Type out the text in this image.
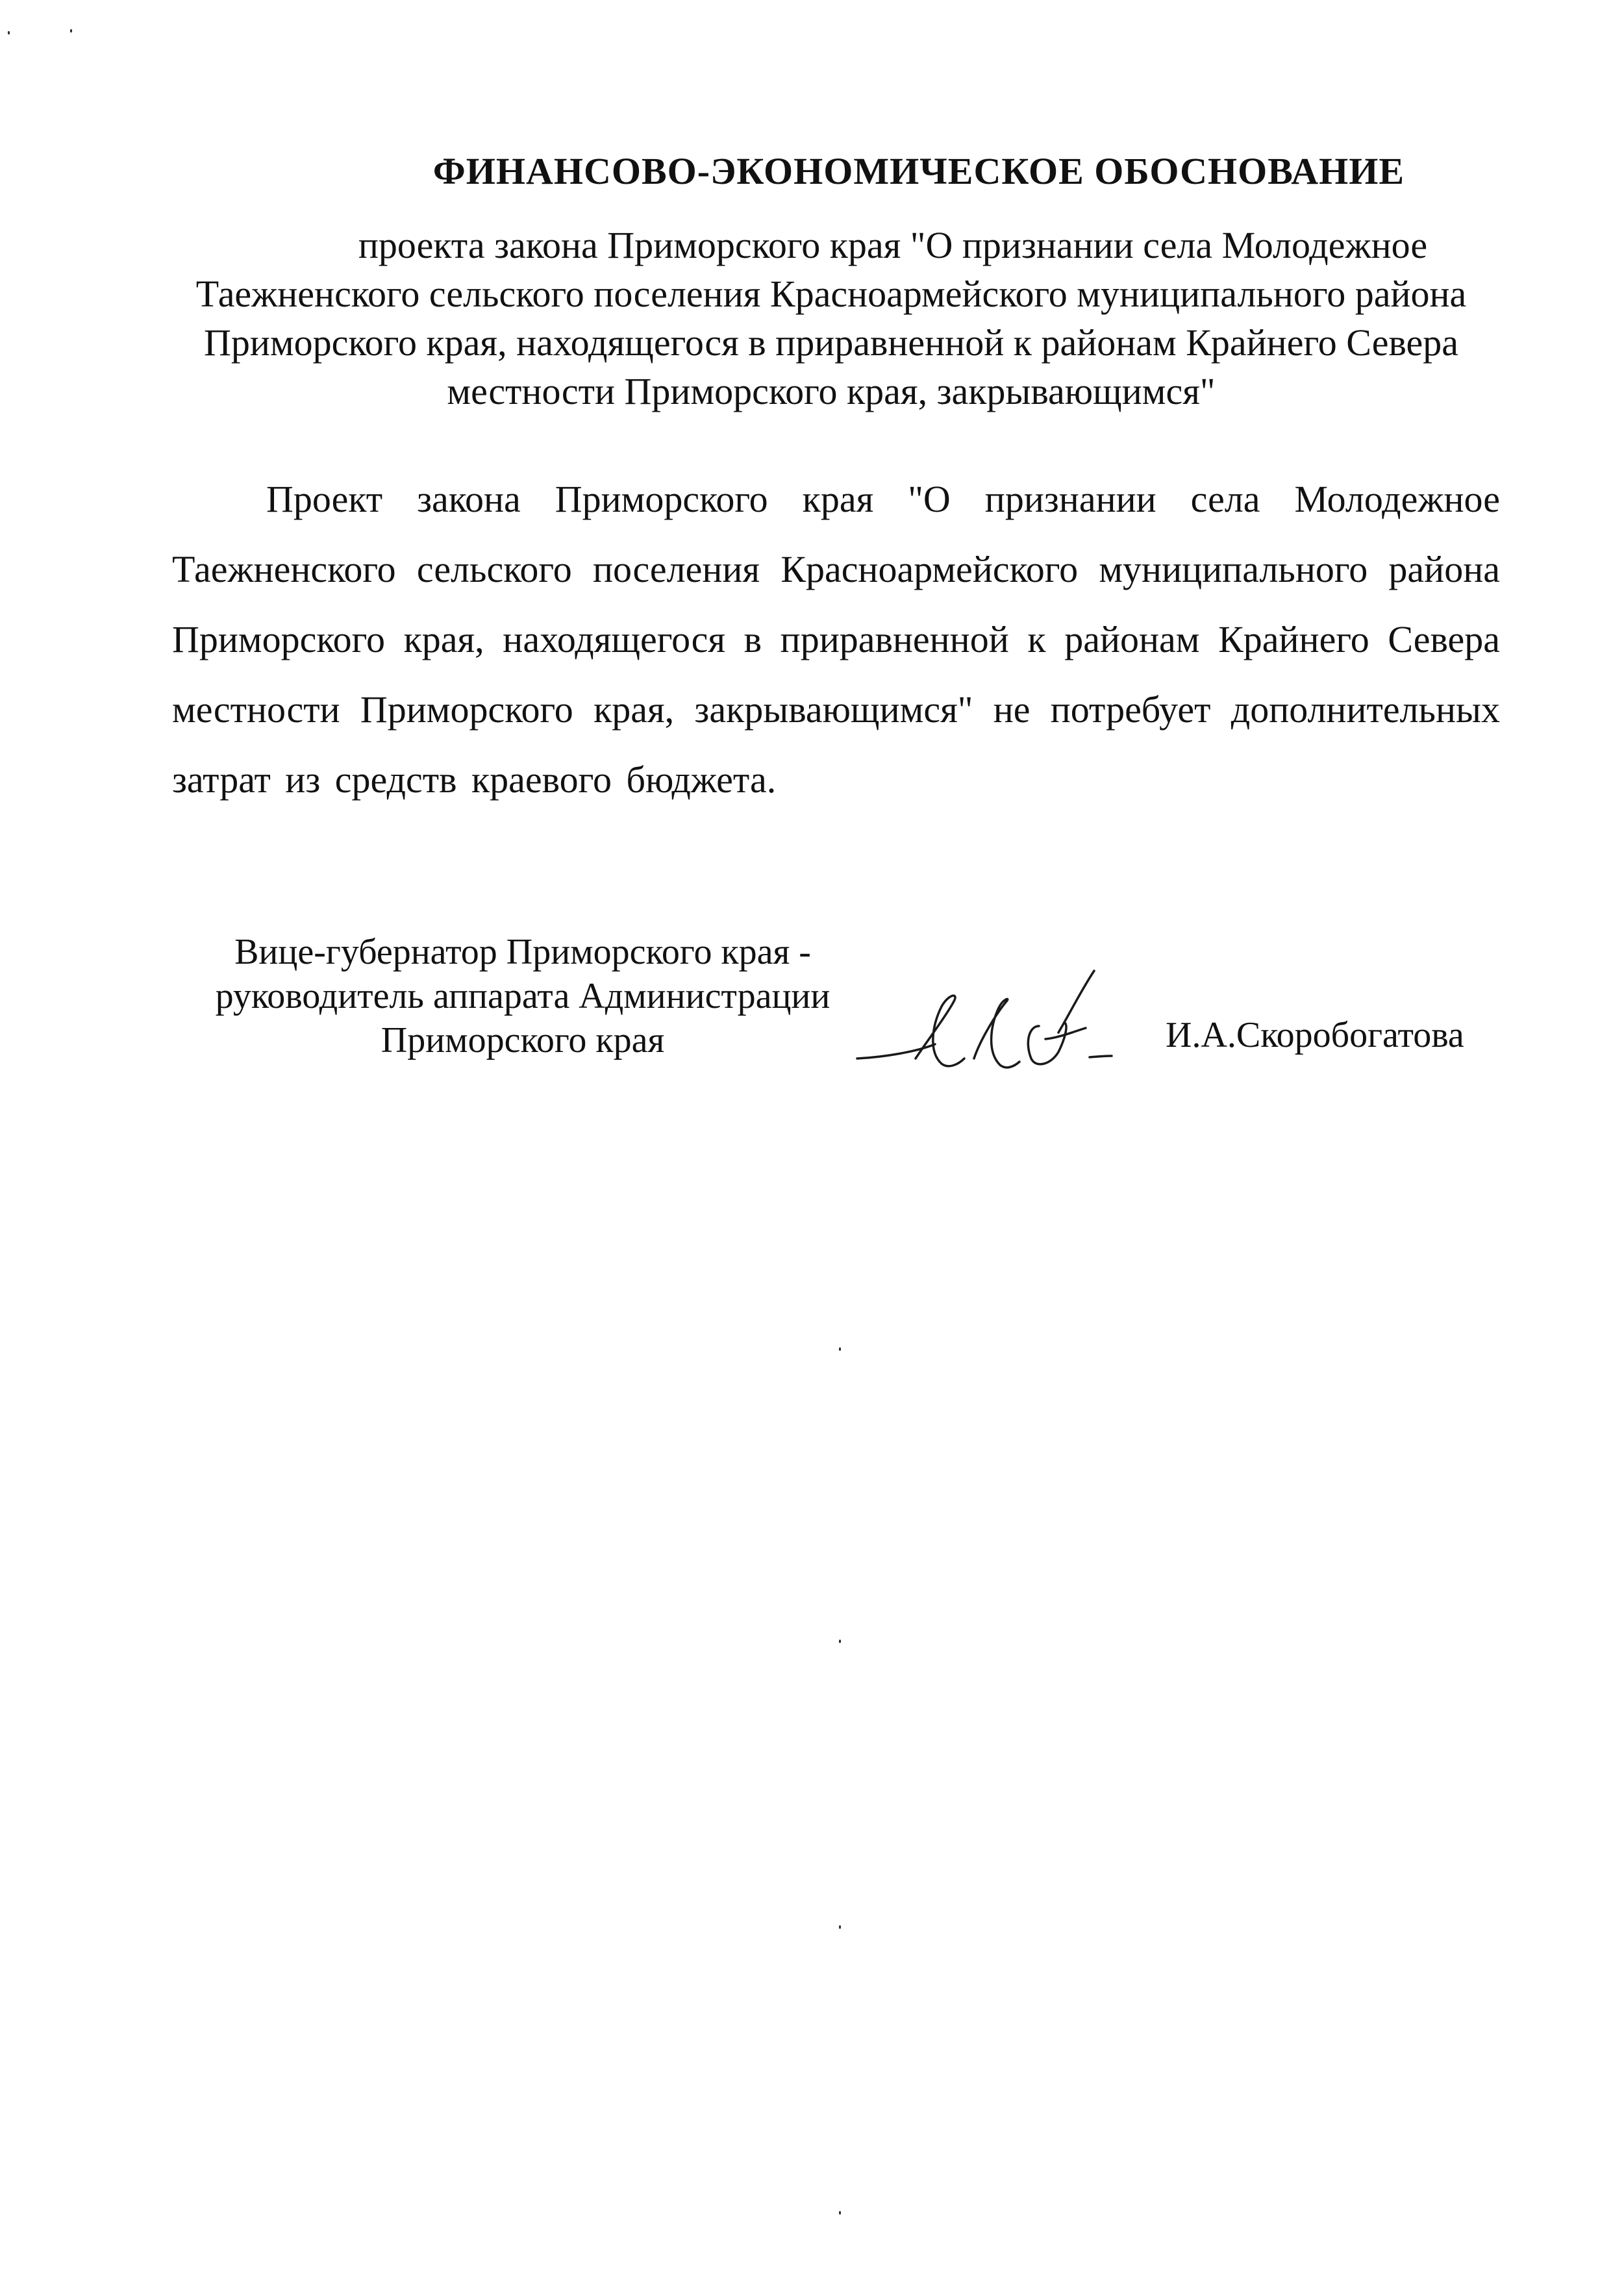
ФИНАНСОВО-ЭКОНОМИЧЕСКОЕ ОБОСНОВАНИЕ

проекта закона Приморского края "О признании села Молодежное
Таежненского сельского поселения Красноармейского муниципального района
Приморского края, находящегося в приравненной к районам Крайнего Севера
местности Приморского края, закрывающимся"

Проект закона Приморского края "О признании села Молодежное
Таежненского сельского поселения Красноармейского муниципального района
Приморского края, находящегося в приравненной к районам Крайнего Севера
местности Приморского края, закрывающимся" не потребует дополнительных
затрат из средств краевого бюджета.

Вице-губернатор Приморского края -
руководитель аппарата Администрации
Приморского края	И.А.Скоробогатова
